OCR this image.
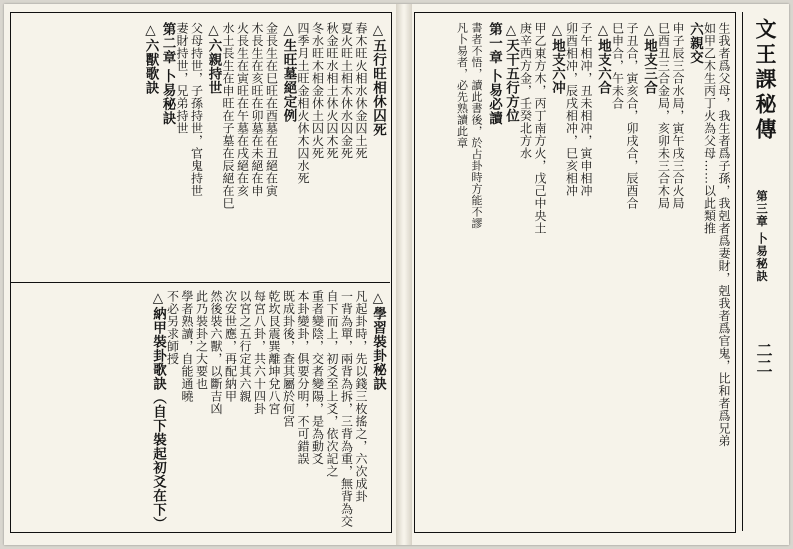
△五行旺相休囚死
春木旺火相水休金囚土死
夏火旺土相木休水囚金死
秋金旺水相土休火囚木死
冬水旺木相金休土囚火死
四季月土旺金相火休木囚水死
△生旺墓絕定例
金長生在巳旺在酉墓在丑絕在寅
木長生在亥旺在卯墓在未絕在申
火長生在寅旺在午墓在戌絕在亥
水土長生在申旺在子墓在辰絕在巳
△六親持世
父母持世，子孫持世，官鬼持世
妻財持世，兄弟持世
第二章 卜易秘訣
△六獸歌訣
△學習裝卦秘訣
凡起卦時，先以錢三枚搖之，六次成卦
一背為單，兩背為拆，三背為重，無背為交
自下而上，初爻至上爻，依次記之
重者變陰，交者變陽，是為動爻
本卦變卦，俱要分明，不可錯誤
既成卦後，查其屬於何宮
乾坎艮震巽離坤兌八宮
每宮八卦，共六十四卦
以宮之五行定其六親
次安世應，再配納甲
然後裝六獸，以斷吉凶
此乃裝卦之大要也
學者熟讀，自能通曉
不必另求師授
△納甲裝卦歌訣（自下裝起初爻在下）	生我者爲父母，我生者爲子孫，我剋者爲妻財，剋我者爲官鬼，比和者爲兄弟
如甲乙木生丙丁火為父母……以此類推
六親交
申子辰三合水局，寅午戌三合火局
巳酉丑三合金局，亥卯未三合木局
△地支三合
子丑合，寅亥合，卯戌合，辰酉合
巳申合，午未合
△地支六合
子午相冲，丑未相冲，寅申相冲
卯酉相冲，辰戌相冲，巳亥相冲
△地支六冲
甲乙東方木，丙丁南方火，戊己中央土
庚辛西方金，壬癸北方水
△天干五行方位
第一章 卜易必讀
書者不悟，讀此書後，於占卦時方能不謬
凡卜易者，必先熟讀此章	文王課秘傳
第三章 卜易秘訣
二二
